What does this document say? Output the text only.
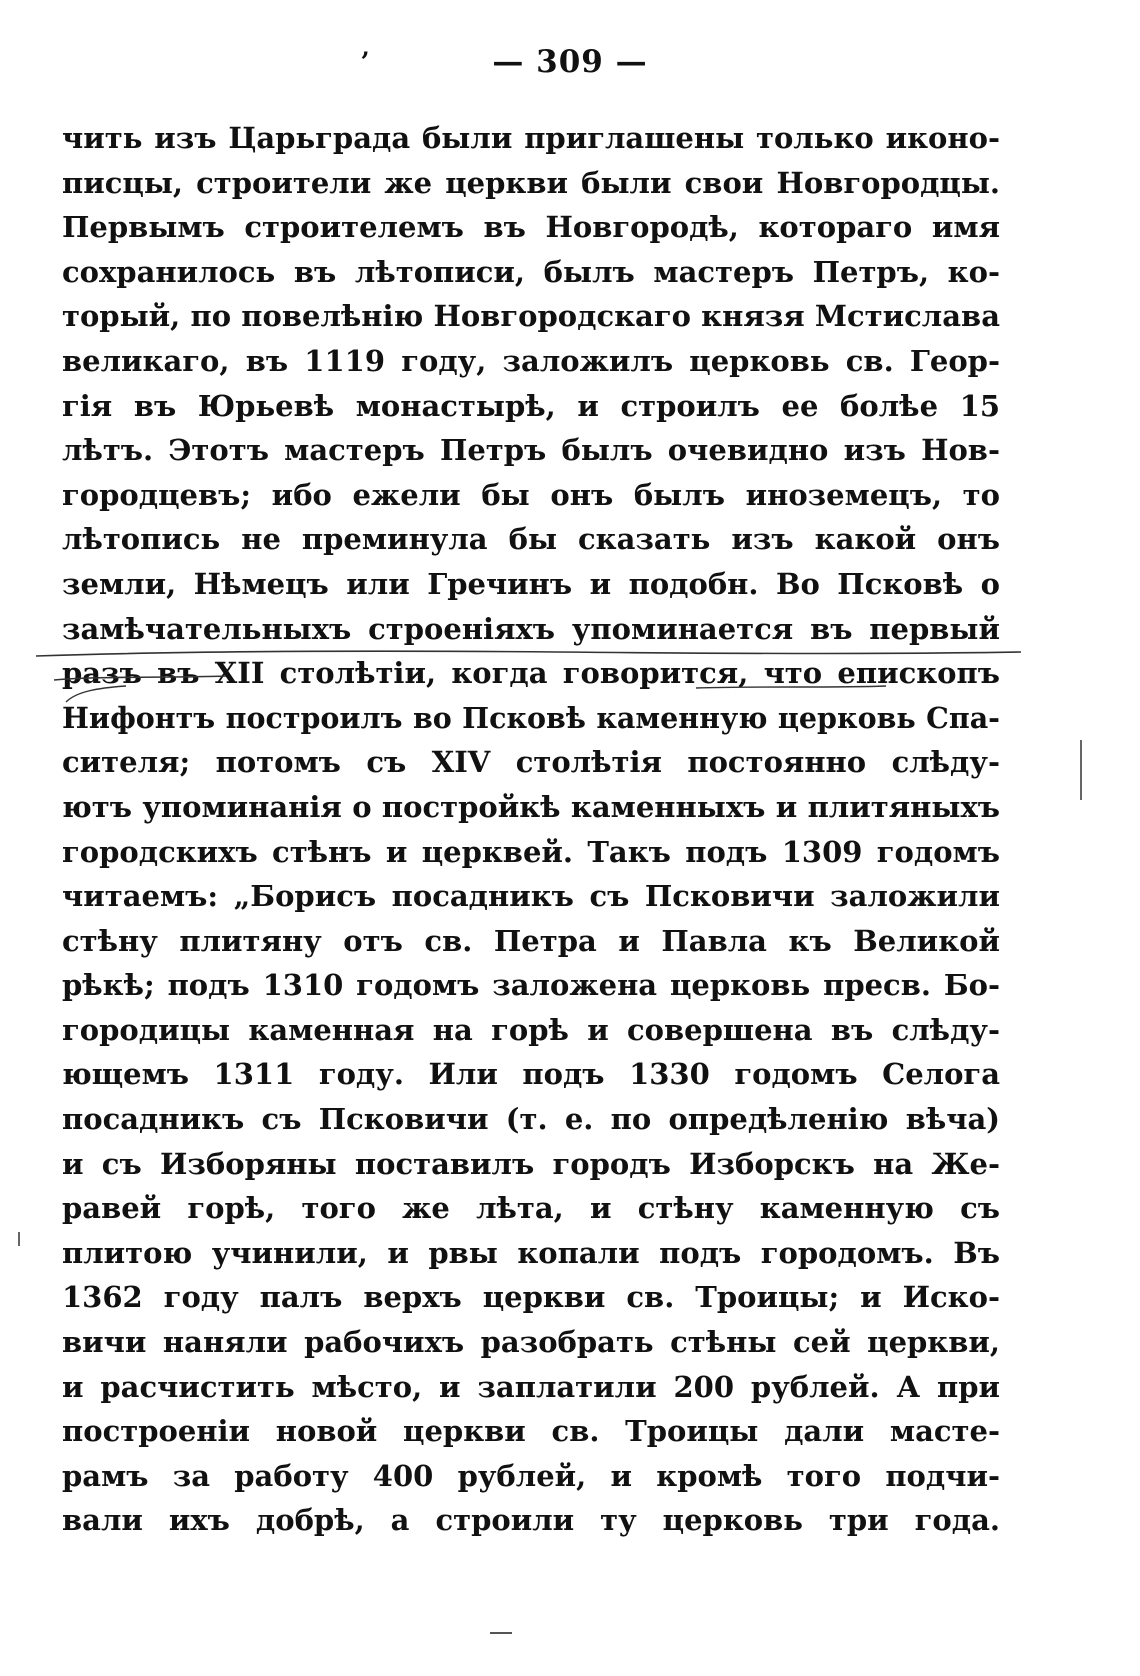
ʼ	— 309 —
чить изъ Царьграда были приглашены только иконо-
писцы, строители же церкви были свои Новгородцы.
Первымъ строителемъ въ Новгородѣ, котораго имя
сохранилось въ лѣтописи, былъ мастеръ Петръ, ко-
торый, по повелѣнію Новгородскаго князя Мстислава
великаго, въ 1119 году, заложилъ церковь св. Геор-
гія въ Юрьевѣ монастырѣ, и строилъ ее болѣе 15
лѣтъ. Этотъ мастеръ Петръ былъ очевидно изъ Нов-
городцевъ; ибо ежели бы онъ былъ иноземецъ, то
лѣтопись не преминула бы сказать изъ какой онъ
земли, Нѣмецъ или Гречинъ и подобн. Во Псковѣ о
замѣчательныхъ строеніяхъ упоминается въ первый
разъ въ XII столѣтіи, когда говорится, что епископъ
Нифонтъ построилъ во Псковѣ каменную церковь Спа-
сителя; потомъ съ XIV столѣтія постоянно слѣду-
ютъ упоминанія о постройкѣ каменныхъ и плитяныхъ
городскихъ стѣнъ и церквей. Такъ подъ 1309 годомъ
читаемъ: „Борисъ посадникъ съ Псковичи заложили
стѣну плитяну отъ св. Петра и Павла къ Великой
рѣкѣ; подъ 1310 годомъ заложена церковь пресв. Бо-
городицы каменная на горѣ и совершена въ слѣду-
ющемъ 1311 году. Или подъ 1330 годомъ Селога
посадникъ съ Псковичи (т. е. по опредѣленію вѣча)
и съ Изборяны поставилъ городъ Изборскъ на Же-
равей горѣ, того же лѣта, и стѣну каменную съ
плитою учинили, и рвы копали подъ городомъ. Въ
1362 году палъ верхъ церкви св. Троицы; и Иско-
вичи наняли рабочихъ разобрать стѣны сей церкви,
и расчистить мѣсто, и заплатили 200 рублей. А при
построеніи новой церкви св. Троицы дали масте-
рамъ за работу 400 рублей, и кромѣ того подчи-
вали ихъ добрѣ, а строили ту церковь три года.
